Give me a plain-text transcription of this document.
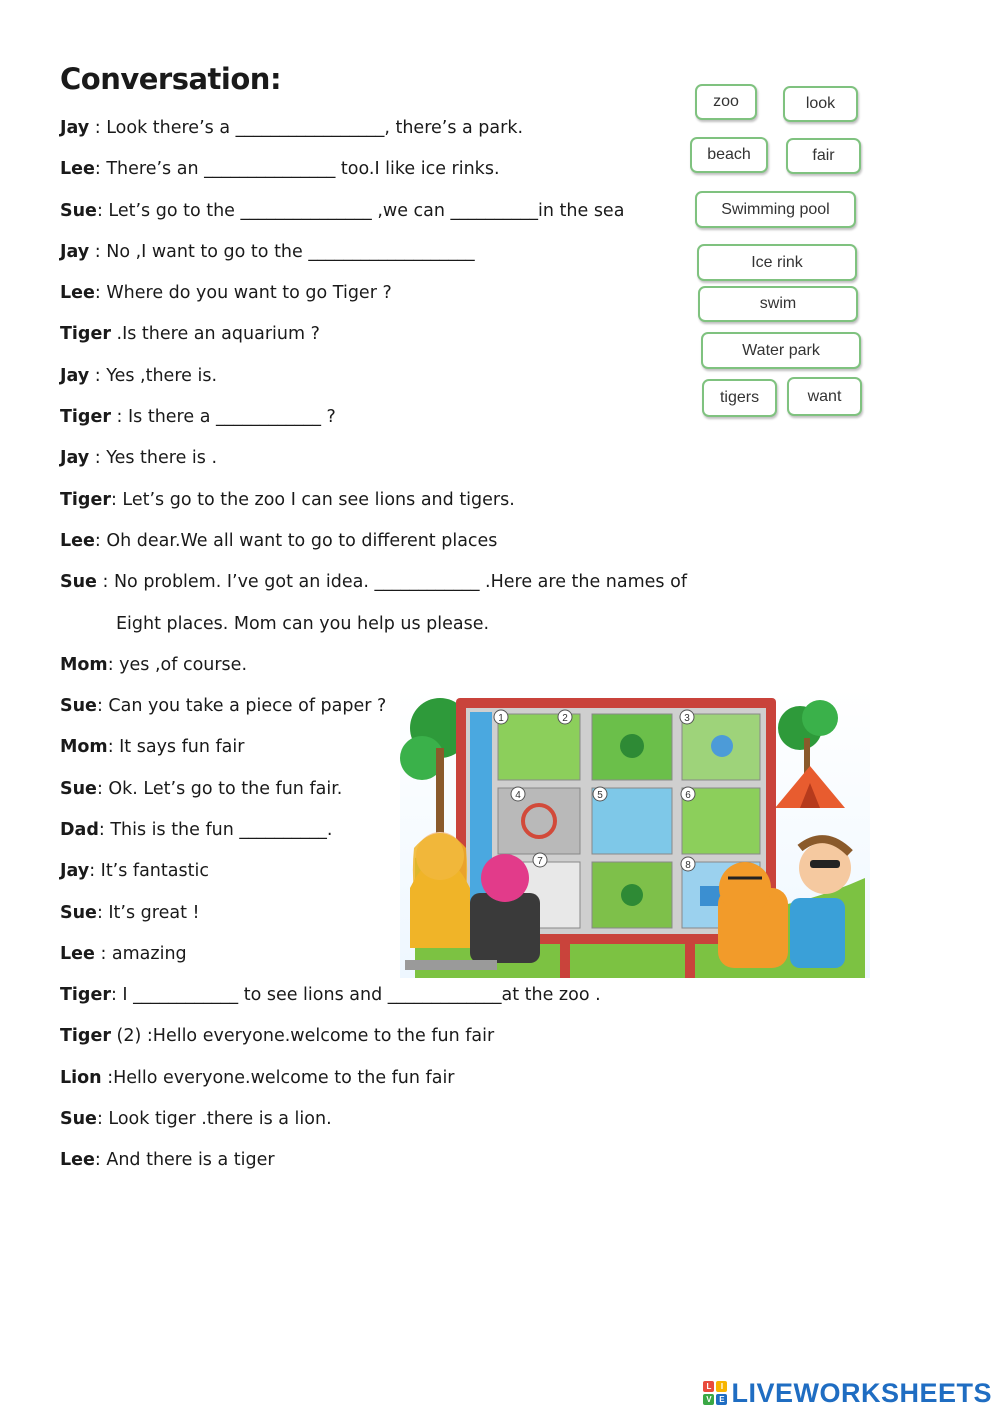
Conversation:
Jay : Look there’s a _________________, there’s a park.
Lee: There’s an _______________ too.I like ice rinks.
Sue: Let’s go to the _______________ ,we can __________in the sea
Jay : No ,I want to go to the ___________________
Lee: Where do you want to go Tiger ?
Tiger .Is there an aquarium ?
Jay : Yes ,there is.
Tiger : Is there a ____________ ?
Jay : Yes there is .
Tiger: Let’s go to the zoo I can see lions and tigers.
Lee: Oh dear.We all want to go to different places
Sue : No problem. I’ve got an idea. ____________ .Here are the names of
Eight places. Mom can you help us please.
Mom: yes ,of course.
Sue: Can you take a piece of paper ?
Mom: It says fun fair
Sue: Ok. Let’s go to the fun fair.
Dad: This is the fun __________.
Jay: It’s fantastic
Sue: It’s great !
Lee : amazing
Tiger: I ____________ to see lions and _____________at the zoo .
Tiger (2) :Hello everyone.welcome to the fun fair
Lion :Hello everyone.welcome to the fun fair
Sue: Look tiger .there is a lion.
Lee: And there is a tiger
zoo	look
beach	fair
Swimming pool
Ice rink
swim
Water park
tigers	want
1	2	3
4	5	6
7	8
L	I
V E LIVEWORKSHEETS
